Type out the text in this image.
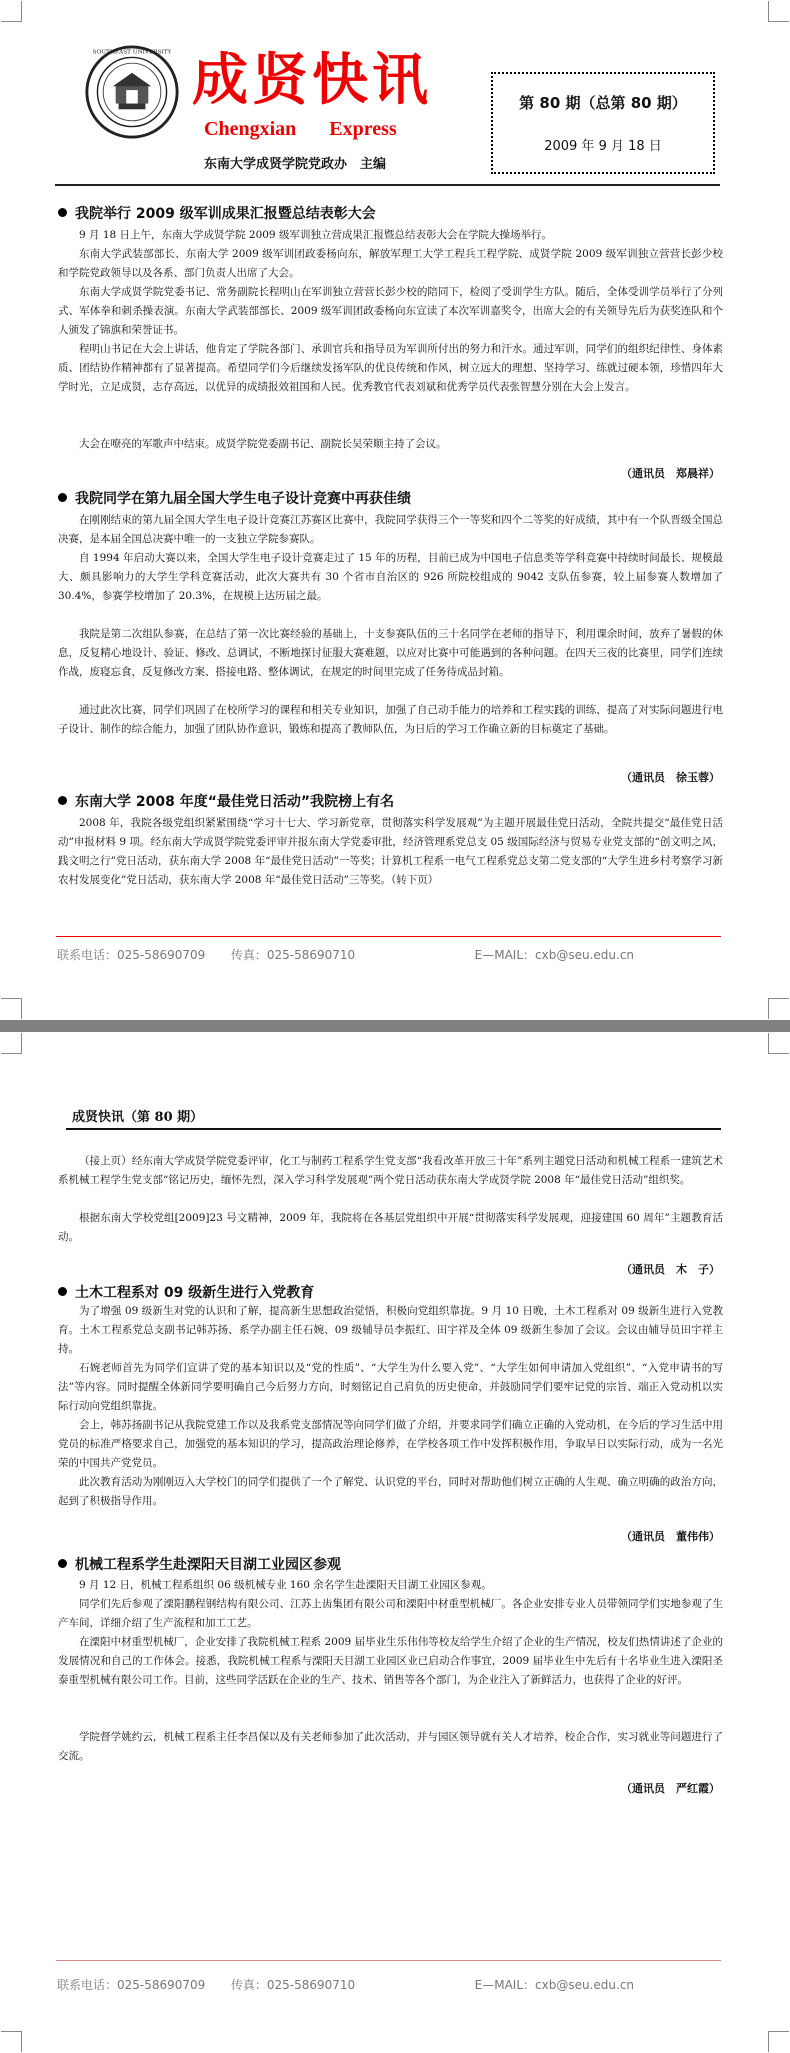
SOUTHEAST UNIVERSITY 成贤快讯
Chengxian Express
东南大学成贤学院党政办　主编
第 80 期（总第 80 期）
2009 年 9 月 18 日
我院举行 2009 级军训成果汇报暨总结表彰大会
9 月 18 日上午，东南大学成贤学院 2009 级军训独立营成果汇报暨总结表彰大会在学院大操场举行。
东南大学武装部部长、东南大学 2009 级军训团政委杨向东，解放军理工大学工程兵工程学院、成贤学院 2009 级军训独立营营长彭少校和学院党政领导以及各系、部门负责人出席了大会。
东南大学成贤学院党委书记、常务副院长程明山在军训独立营营长彭少校的陪同下，检阅了受训学生方队。随后，全体受训学员举行了分列式、军体拳和刺杀操表演。东南大学武装部部长、2009 级军训团政委杨向东宣读了本次军训嘉奖令，出席大会的有关领导先后为获奖连队和个人颁发了锦旗和荣誉证书。
程明山书记在大会上讲话，他肯定了学院各部门、承训官兵和指导员为军训所付出的努力和汗水。通过军训，同学们的组织纪律性、身体素质、团结协作精神都有了显著提高。希望同学们今后继续发扬军队的优良传统和作风，树立远大的理想、坚持学习、练就过硬本领，珍惜四年大学时光，立足成贤，志存高远，以优异的成绩报效祖国和人民。优秀教官代表刘斌和优秀学员代表张智慧分别在大会上发言。
大会在嘹亮的军歌声中结束。成贤学院党委副书记、副院长吴荣顺主持了会议。
（通讯员　郑晨祥）
我院同学在第九届全国大学生电子设计竞赛中再获佳绩
在刚刚结束的第九届全国大学生电子设计竞赛江苏赛区比赛中，我院同学获得三个一等奖和四个二等奖的好成绩，其中有一个队晋级全国总决赛，是本届全国总决赛中唯一的一支独立学院参赛队。
自 1994 年启动大赛以来，全国大学生电子设计竞赛走过了 15 年的历程，目前已成为中国电子信息类等学科竞赛中持续时间最长、规模最大、颇具影响力的大学生学科竞赛活动，此次大赛共有 30 个省市自治区的 926 所院校组成的 9042 支队伍参赛，较上届参赛人数增加了 30.4%，参赛学校增加了 20.3%，在规模上达历届之最。
我院是第二次组队参赛，在总结了第一次比赛经验的基础上，十支参赛队伍的三十名同学在老师的指导下，利用课余时间，放弃了暑假的休息，反复精心地设计、验证、修改、总调试，不断地探讨征服大赛难题，以应对比赛中可能遇到的各种问题。在四天三夜的比赛里，同学们连续作战，废寝忘食，反复修改方案、搭接电路、整体调试，在规定的时间里完成了任务待成品封箱。
通过此次比赛，同学们巩固了在校所学习的课程和相关专业知识，加强了自己动手能力的培养和工程实践的训练，提高了对实际问题进行电子设计、制作的综合能力，加强了团队协作意识，锻炼和提高了教师队伍，为日后的学习工作确立新的目标奠定了基础。
（通讯员　徐玉蓉）
东南大学 2008 年度“最佳党日活动”我院榜上有名
2008 年，我院各级党组织紧紧围绕“学习十七大、学习新党章，贯彻落实科学发展观”为主题开展最佳党日活动，全院共提交“最佳党日活动”申报材料 9 项。经东南大学成贤学院党委评审并报东南大学党委审批，经济管理系党总支 05 级国际经济与贸易专业党支部的“创文明之风，践文明之行”党日活动，获东南大学 2008 年“最佳党日活动”一等奖；计算机工程系一电气工程系党总支第二党支部的“大学生进乡村考察学习新农村发展变化”党日活动，获东南大学 2008 年“最佳党日活动”三等奖。（转下页）
联系电话：025-58690709 传真：025-58690710	E—MAIL：cxb@seu.edu.cn
成贤快讯（第 80 期）
（接上页）经东南大学成贤学院党委评审，化工与制药工程系学生党支部“我看改革开放三十年”系列主题党日活动和机械工程系一建筑艺术系机械工程学生党支部“铭记历史，缅怀先烈，深入学习科学发展观”两个党日活动获东南大学成贤学院 2008 年“最佳党日活动”组织奖。
根据东南大学校党组[2009]23 号文精神，2009 年，我院将在各基层党组织中开展“贯彻落实科学发展观，迎接建国 60 周年”主题教育活动。
（通讯员　木　子）
土木工程系对 09 级新生进行入党教育
为了增强 09 级新生对党的认识和了解，提高新生思想政治觉悟，积极向党组织靠拢。9 月 10 日晚，土木工程系对 09 级新生进行入党教育。土木工程系党总支副书记韩苏扬、系学办副主任石婉、09 级辅导员李振红、田宇祥及全体 09 级新生参加了会议。会议由辅导员田宇祥主持。
石婉老师首先为同学们宣讲了党的基本知识以及“党的性质”、“大学生为什么要入党”、“大学生如何申请加入党组织”、“入党申请书的写法”等内容。同时提醒全体新同学要明确自己今后努力方向，时刻铭记自己肩负的历史使命，并鼓励同学们要牢记党的宗旨、端正入党动机以实际行动向党组织靠拢。
会上，韩苏扬副书记从我院党建工作以及我系党支部情况等向同学们做了介绍，并要求同学们确立正确的入党动机，在今后的学习生活中用党员的标准严格要求自己，加强党的基本知识的学习，提高政治理论修养，在学校各项工作中发挥积极作用，争取早日以实际行动，成为一名光荣的中国共产党党员。
此次教育活动为刚刚迈入大学校门的同学们提供了一个了解党、认识党的平台，同时对帮助他们树立正确的人生观、确立明确的政治方向，起到了积极指导作用。
（通讯员　董伟伟）
机械工程系学生赴溧阳天目湖工业园区参观
9 月 12 日，机械工程系组织 06 级机械专业 160 余名学生赴溧阳天目湖工业园区参观。
同学们先后参观了溧阳鹏程钢结构有限公司、江苏上齿集团有限公司和溧阳中材重型机械厂。各企业安排专业人员带领同学们实地参观了生产车间，详细介绍了生产流程和加工工艺。
在溧阳中材重型机械厂，企业安排了我院机械工程系 2009 届毕业生乐伟伟等校友给学生介绍了企业的生产情况，校友们热情讲述了企业的发展情况和自己的工作体会。接悉，我院机械工程系与溧阳天目湖工业园区业已启动合作事宜，2009 届毕业生中先后有十名毕业生进入溧阳圣泰重型机械有限公司工作。目前，这些同学活跃在企业的生产、技术、销售等各个部门，为企业注入了新鲜活力，也获得了企业的好评。
学院督学姚约云，机械工程系主任李昌保以及有关老师参加了此次活动，并与园区领导就有关人才培养，校企合作，实习就业等问题进行了交流。
（通讯员　严红霞）
联系电话：025-58690709 传真：025-58690710	E—MAIL：cxb@seu.edu.cn
